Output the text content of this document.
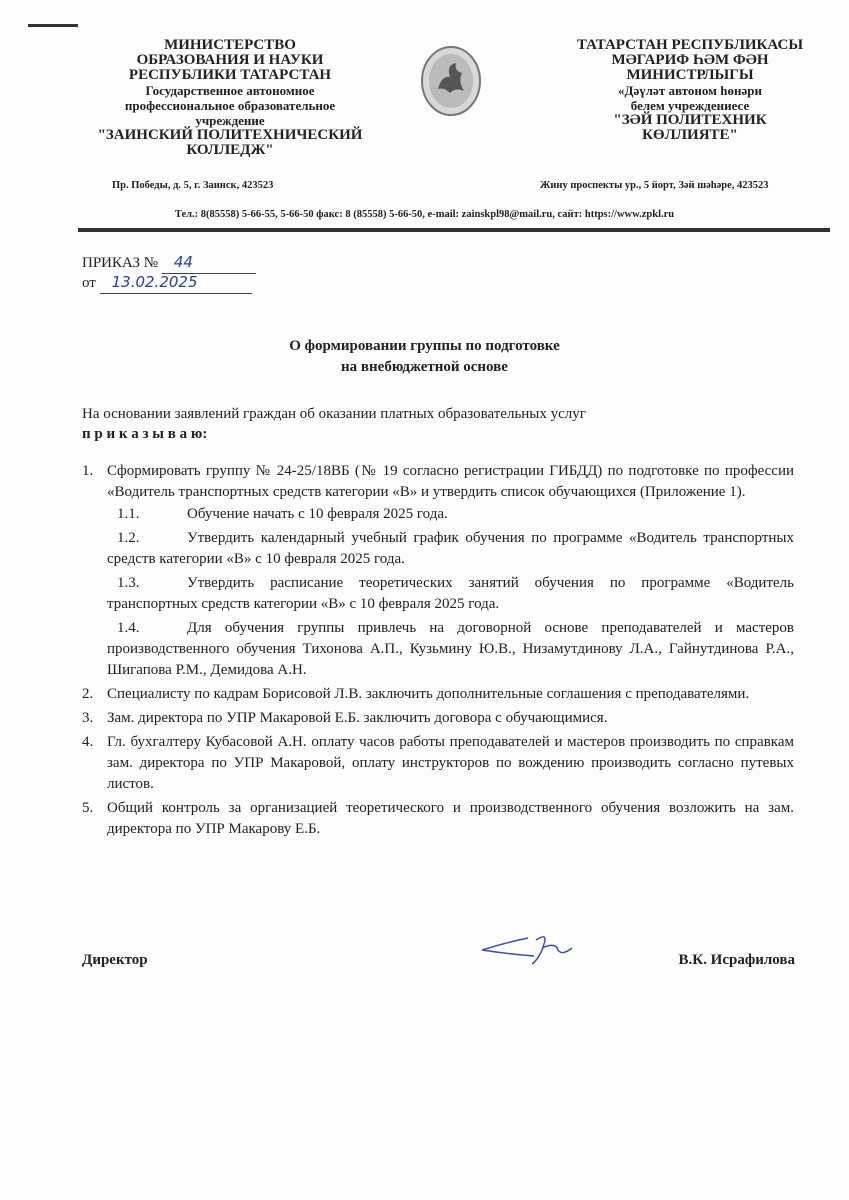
МИНИСТЕРСТВО
ОБРАЗОВАНИЯ И НАУКИ
РЕСПУБЛИКИ ТАТАРСТАН
Государственное автономное
профессиональное образовательное
учреждение
"ЗАИНСКИЙ ПОЛИТЕХНИЧЕСКИЙ
КОЛЛЕДЖ"
ТАТАРСТАН РЕСПУБЛИКАСЫ
МӘГАРИФ ҺӘМ ФӘН
МИНИСТРЛЫГЫ
«Дәүләт автоном һөнәри
белем учреждениесе
"ЗӘЙ ПОЛИТЕХНИК
КӨЛЛИЯТЕ"
Пр. Победы, д. 5, г. Заинск, 423523	Жину проспекты ур., 5 йорт, Зәй шәһәре, 423523
Тел.: 8(85558) 5-66-55, 5-66-50 факс: 8 (85558) 5-66-50, e-mail: zainskpl98@mail.ru, сайт: https://www.zpkl.ru
ПРИКАЗ № 44
от 13.02.2025
О формировании группы по подготовке
на внебюджетной основе
На основании заявлений граждан об оказании платных образовательных услуг
п р и к а з ы в а ю:
1. Сформировать группу № 24-25/18ВБ (№ 19 согласно регистрации ГИБДД) по подготовке по профессии «Водитель транспортных средств категории «В» и утвердить список обучающихся (Приложение 1).
1.1.	Обучение начать с 10 февраля 2025 года.
1.2.	Утвердить календарный учебный график обучения по программе «Водитель транспортных средств категории «В» с 10 февраля 2025 года.
1.3.	Утвердить расписание теоретических занятий обучения по программе «Водитель транспортных средств категории «В» с 10 февраля 2025 года.
1.4.	Для обучения группы привлечь на договорной основе преподавателей и мастеров производственного обучения Тихонова А.П., Кузьмину Ю.В., Низамутдинову Л.А., Гайнутдинова Р.А., Шигапова Р.М., Демидова А.Н.
2. Специалисту по кадрам Борисовой Л.В. заключить дополнительные соглашения с преподавателями.
3. Зам. директора по УПР Макаровой Е.Б. заключить договора с обучающимися.
4. Гл. бухгалтеру Кубасовой А.Н. оплату часов работы преподавателей и мастеров производить по справкам зам. директора по УПР Макаровой, оплату инструкторов по вождению производить согласно путевых листов.
5. Общий контроль за организацией теоретического и производственного обучения возложить на зам. директора по УПР Макарову Е.Б.
Директор	В.К. Исрафилова
